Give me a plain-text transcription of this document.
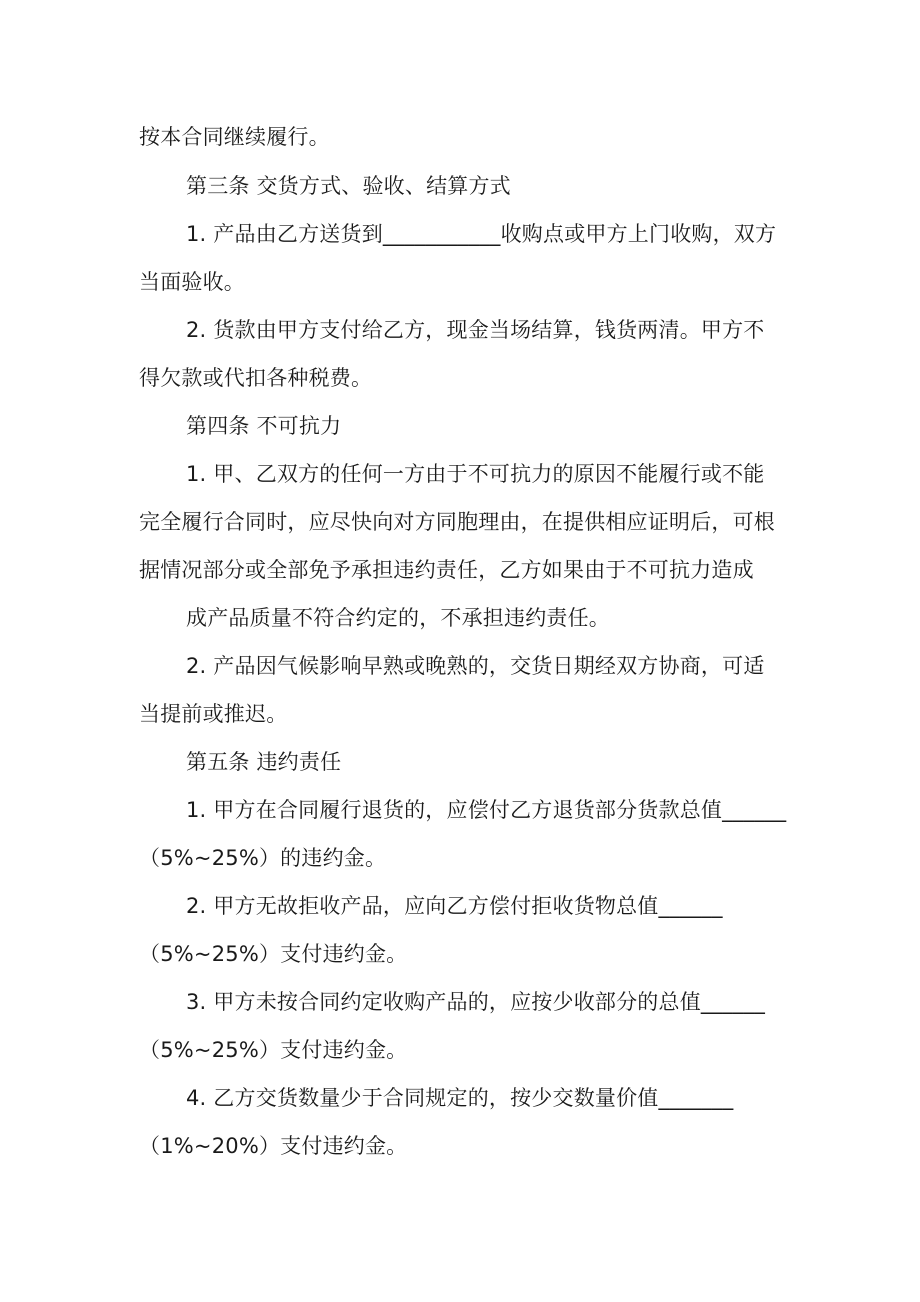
按本合同继续履行。
第三条 交货方式、验收、结算方式
1. 产品由乙方送货到___________收购点或甲方上门收购，双方
当面验收。
2. 货款由甲方支付给乙方，现金当场结算，钱货两清。甲方不
得欠款或代扣各种税费。
第四条 不可抗力
1. 甲、乙双方的任何一方由于不可抗力的原因不能履行或不能
完全履行合同时，应尽快向对方同胞理由，在提供相应证明后，可根
据情况部分或全部免予承担违约责任，乙方如果由于不可抗力造成
成产品质量不符合约定的，不承担违约责任。
2. 产品因气候影响早熟或晚熟的，交货日期经双方协商，可适
当提前或推迟。
第五条 违约责任
1. 甲方在合同履行退货的，应偿付乙方退货部分货款总值______
（5%~25%）的违约金。
2. 甲方无故拒收产品，应向乙方偿付拒收货物总值______
（5%~25%）支付违约金。
3. 甲方未按合同约定收购产品的，应按少收部分的总值______
（5%~25%）支付违约金。
4. 乙方交货数量少于合同规定的，按少交数量价值_______
（1%~20%）支付违约金。
